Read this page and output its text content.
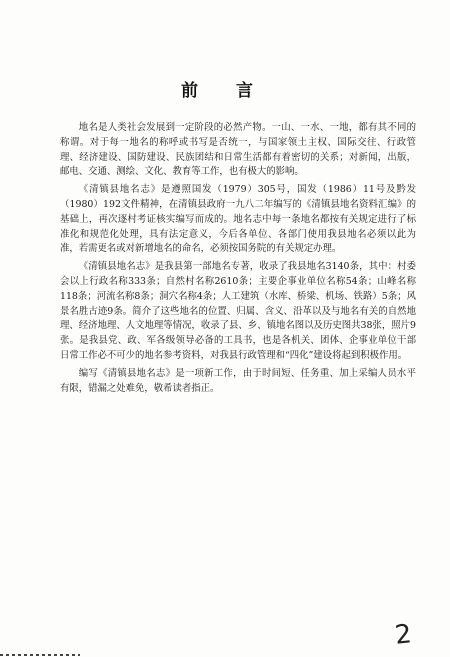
前 言

地名是人类社会发展到一定阶段的必然产物。一山、一水、一地，都有其不同的称谓。对于每一地名的称呼或书写是否统一，与国家领土主权、国际交往、行政管理、经济建设、国防建设、民族团结和日常生活都有着密切的关系；对新闻，出版，邮电、交通、测绘、文化、教育等工作，也有极大的影响。

《清镇县地名志》是遵照国发（1979）305号，国发（1986）11号及黔发（1980）192文件精神，在清镇县政府一九八二年编写的《清镇县地名资料汇编》的基础上，再次逐村考证核实编写而成的。地名志中每一条地名都按有关规定进行了标准化和规范化处理，具有法定意义，今后各单位、各部门使用我县地名必须以此为准，若需更名或对新增地名的命名，必须按国务院的有关规定办理。

《清镇县地名志》是我县第一部地名专著，收录了我县地名3140条，其中：村委会以上行政名称333条；自然村名称2610条；主要企事业单位名称54条；山峰名称118条；河流名称8条；洞穴名称4条；人工建筑（水库、桥梁、机场、铁路）5条；风景名胜古迹9条。简介了这些地名的位置、归属、含义、沿革以及与地名有关的自然地理、经济地理、人文地理等情况，收录了县、乡、镇地名图以及历史图共38张，照片9张。是我县党、政、军各级领导必备的工具书，也是各机关、团体、企事业单位干部日常工作必不可少的地名参考资料，对我县行政管理和“四化”建设将起到积极作用。

编写《清镇县地名志》是一项新工作，由于时间短、任务重、加上采编人员水平有限，错漏之处难免，敬希读者指正。

2
